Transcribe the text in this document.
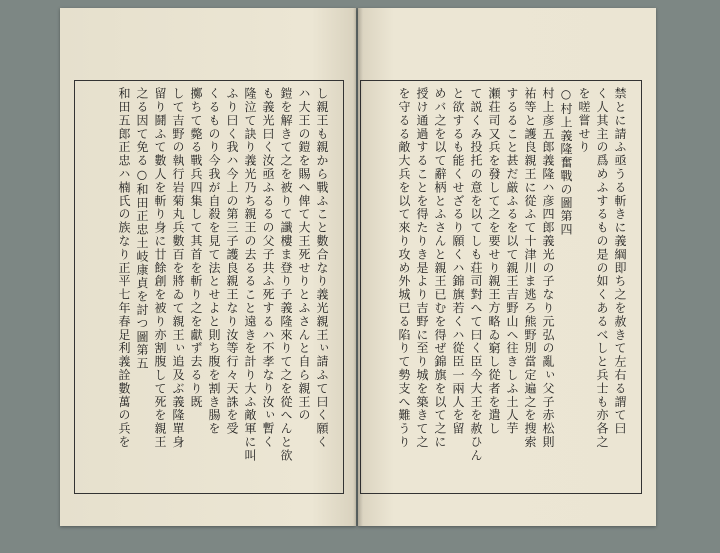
し親王も親から戰ふこと數合なり義光親王ぃ請ふて曰く願く
ハ大王の鎧を賜へ俾て大王死せりとふさんと自ら親王の
鎧を解きて之を被りて讖樓ま登り子義隆來りて之を從へんと欲
も義光曰く汝亟ふるるの父子共ふ死するハ不孝なり汝ぃ暫く
隆泣て訣り義光乃ち親王の去るること遠きを計り大ふ敵軍に叫
ふり曰く我ハ今上の第三子護良親王なり汝等行々天誅を受
くるものり今我が自殺を見て法とせよと則ち腹を割き腸を
擲ちて斃る戰兵四集して其首を斬り之を獻ず去るり既
して吉野の執行岩菊丸兵數百を將ゐて親王ぃ追及ぶ義隆單身
留り鬪ふて數人を斬り身に廿餘創を被り亦割腹して死を親王
之る因て免る○和田正忠土岐康貞を討つ圖第五
和田五郎正忠ハ楠氏の族なり正平七年春足利義詮數萬の兵を	禁とに請ふ亟うる斬きに義綱即ち之を赦きて左右る謂て曰
く人其主の爲めふするもの是の如くあるべしと兵士も亦各之
を嗟嘗せり
○村上義隆奮戰の圖第四
村上彦五郎義隆ハ彦四郎義光の子なり元弘の亂ぃ父子赤松則
祐等と護良親王に從ふて十津川ま逃ろ熊野別當定遍之を搜索
するること甚だ厳ふるを以て親王吉野山ヘ往きしふ土人芋
瀬荘司又兵を發して之を要せり親王方略ゐ窮し從者を遣し
て説くみ投托の意を以てしも荘司對へて曰く臣今大王を赦ひん
と欲するも能くせざるり願くハ錦旗若くハ從臣一兩人を留
めバ之を以て辭柄とふさんと親王已むを得ぜ錦旗を以て之に
授け通過することを得たりき是より吉野に至り城を築きて之
を守るる敵大兵を以て來り攻め外城已る陷りて勢支へ難うり
